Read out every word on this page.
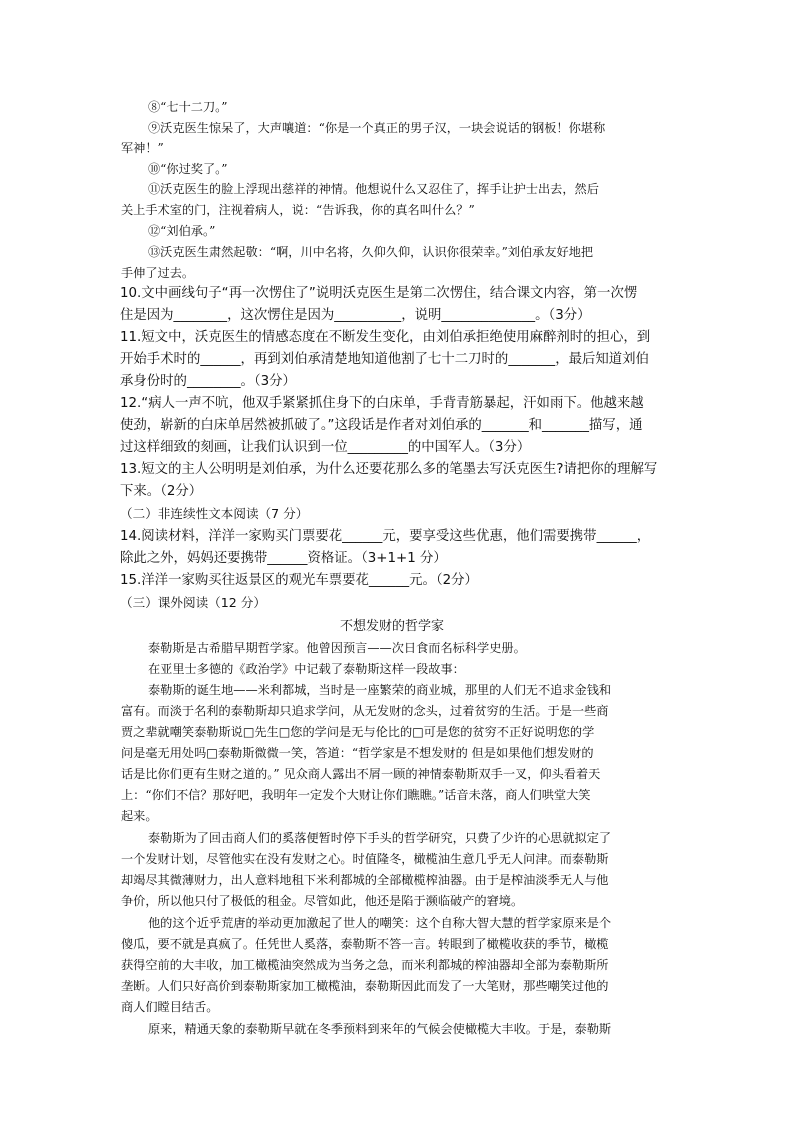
⑧“七十二刀。”
⑨沃克医生惊呆了，大声嚷道：“你是一个真正的男子汉，一块会说话的钢板！你堪称
军神！”
⑩“你过奖了。”
⑪沃克医生的脸上浮现出慈祥的神情。他想说什么又忍住了，挥手让护士出去，然后
关上手术室的门，注视着病人，说：“告诉我，你的真名叫什么？”
⑫“刘伯承。”
⑬沃克医生肃然起敬：“啊，川中名将，久仰久仰，认识你很荣幸。”刘伯承友好地把
手伸了过去。
10.文中画线句子“再一次愣住了”说明沃克医生是第二次愣住，结合课文内容，第一次愣
住是因为________，这次愣住是因为__________，说明______________。（3分）
11.短文中，沃克医生的情感态度在不断发生变化，由刘伯承拒绝使用麻醉剂时的担心，到
开始手术时的______，再到刘伯承清楚地知道他割了七十二刀时的_______，最后知道刘伯
承身份时的________。（3分）
12.“病人一声不吭，他双手紧紧抓住身下的白床单，手背青筋暴起，汗如雨下。他越来越
使劲，崭新的白床单居然被抓破了。”这段话是作者对刘伯承的_______和_______描写，通
过这样细致的刻画，让我们认识到一位_________的中国军人。（3分）
13.短文的主人公明明是刘伯承，为什么还要花那么多的笔墨去写沃克医生?请把你的理解写
下来。（2分）
（二）非连续性文本阅读（7 分）
14.阅读材料，洋洋一家购买门票要花______元，要享受这些优惠，他们需要携带______，
除此之外，妈妈还要携带______资格证。（3+1+1 分）
15.洋洋一家购买往返景区的观光车票要花______元。（2分）
（三）课外阅读（12 分）
不想发财的哲学家
泰勒斯是古希腊早期哲学家。他曾因预言——次日食而名标科学史册。
在亚里士多德的《政治学》中记载了泰勒斯这样一段故事：
泰勒斯的诞生地——米利都城，当时是一座繁荣的商业城，那里的人们无不追求金钱和
富有。而淡于名利的泰勒斯却只追求学问，从无发财的念头，过着贫穷的生活。于是一些商
贾之辈就嘲笑泰勒斯说□先生□您的学问是无与伦比的□可是您的贫穷不正好说明您的学
问是毫无用处吗□泰勒斯微微一笑，答道：“哲学家是不想发财的 但是如果他们想发财的
话是比你们更有生财之道的。” 见众商人露出不屑一顾的神情泰勒斯双手一叉，仰头看着天
上：“你们不信？那好吧，我明年一定发个大财让你们瞧瞧。”话音未落，商人们哄堂大笑
起来。
泰勒斯为了回击商人们的奚落便暂时停下手头的哲学研究，只费了少许的心思就拟定了
一个发财计划，尽管他实在没有发财之心。时值隆冬，橄榄油生意几乎无人问津。而泰勒斯
却竭尽其微薄财力，出人意料地租下米利都城的全部橄榄榨油器。由于是榨油淡季无人与他
争价，所以他只付了极低的租金。尽管如此，他还是陷于濒临破产的窘境。
他的这个近乎荒唐的举动更加激起了世人的嘲笑：这个自称大智大慧的哲学家原来是个
傻瓜，要不就是真疯了。任凭世人奚落，泰勒斯不答一言。转眼到了橄榄收获的季节，橄榄
获得空前的大丰收，加工橄榄油突然成为当务之急，而米利都城的榨油器却全部为泰勒斯所
垄断。人们只好高价到泰勒斯家加工橄榄油，泰勒斯因此而发了一大笔财，那些嘲笑过他的
商人们瞠目结舌。
原来，精通天象的泰勒斯早就在冬季预料到来年的气候会使橄榄大丰收。于是，泰勒斯
